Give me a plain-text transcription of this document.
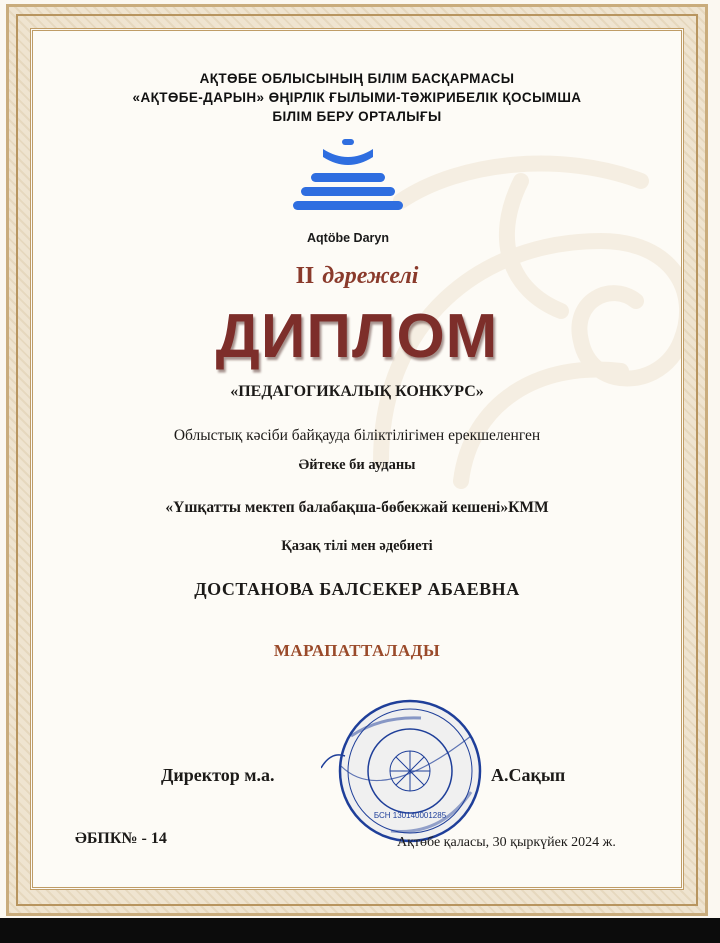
АҚТӨБЕ ОБЛЫСЫНЫҢ БІЛІМ БАСҚАРМАСЫ
«АҚТӨБЕ-ДАРЫН» ӨҢІРЛІК ҒЫЛЫМИ-ТӘЖІРИБЕЛІК ҚОСЫМША
БІЛІМ БЕРУ ОРТАЛЫҒЫ
Aqtöbe Daryn
II дәрежелі
ДИПЛОМ
«ПЕДАГОГИКАЛЫҚ КОНКУРС»
Облыстық кәсіби байқауда біліктілігімен ерекшеленген
Әйтеке би ауданы
«Үшқатты мектеп балабақша-бөбекжай кешені»КММ
Қазақ тілі мен әдебиеті
ДОСТАНОВА БАЛСЕКЕР АБАЕВНА
МАРАПАТТАЛАДЫ
БСН 130140001285
Директор м.а.	А.Сақып
ӘБПК№ - 14	Ақтөбе қаласы, 30 қыркүйек 2024 ж.
